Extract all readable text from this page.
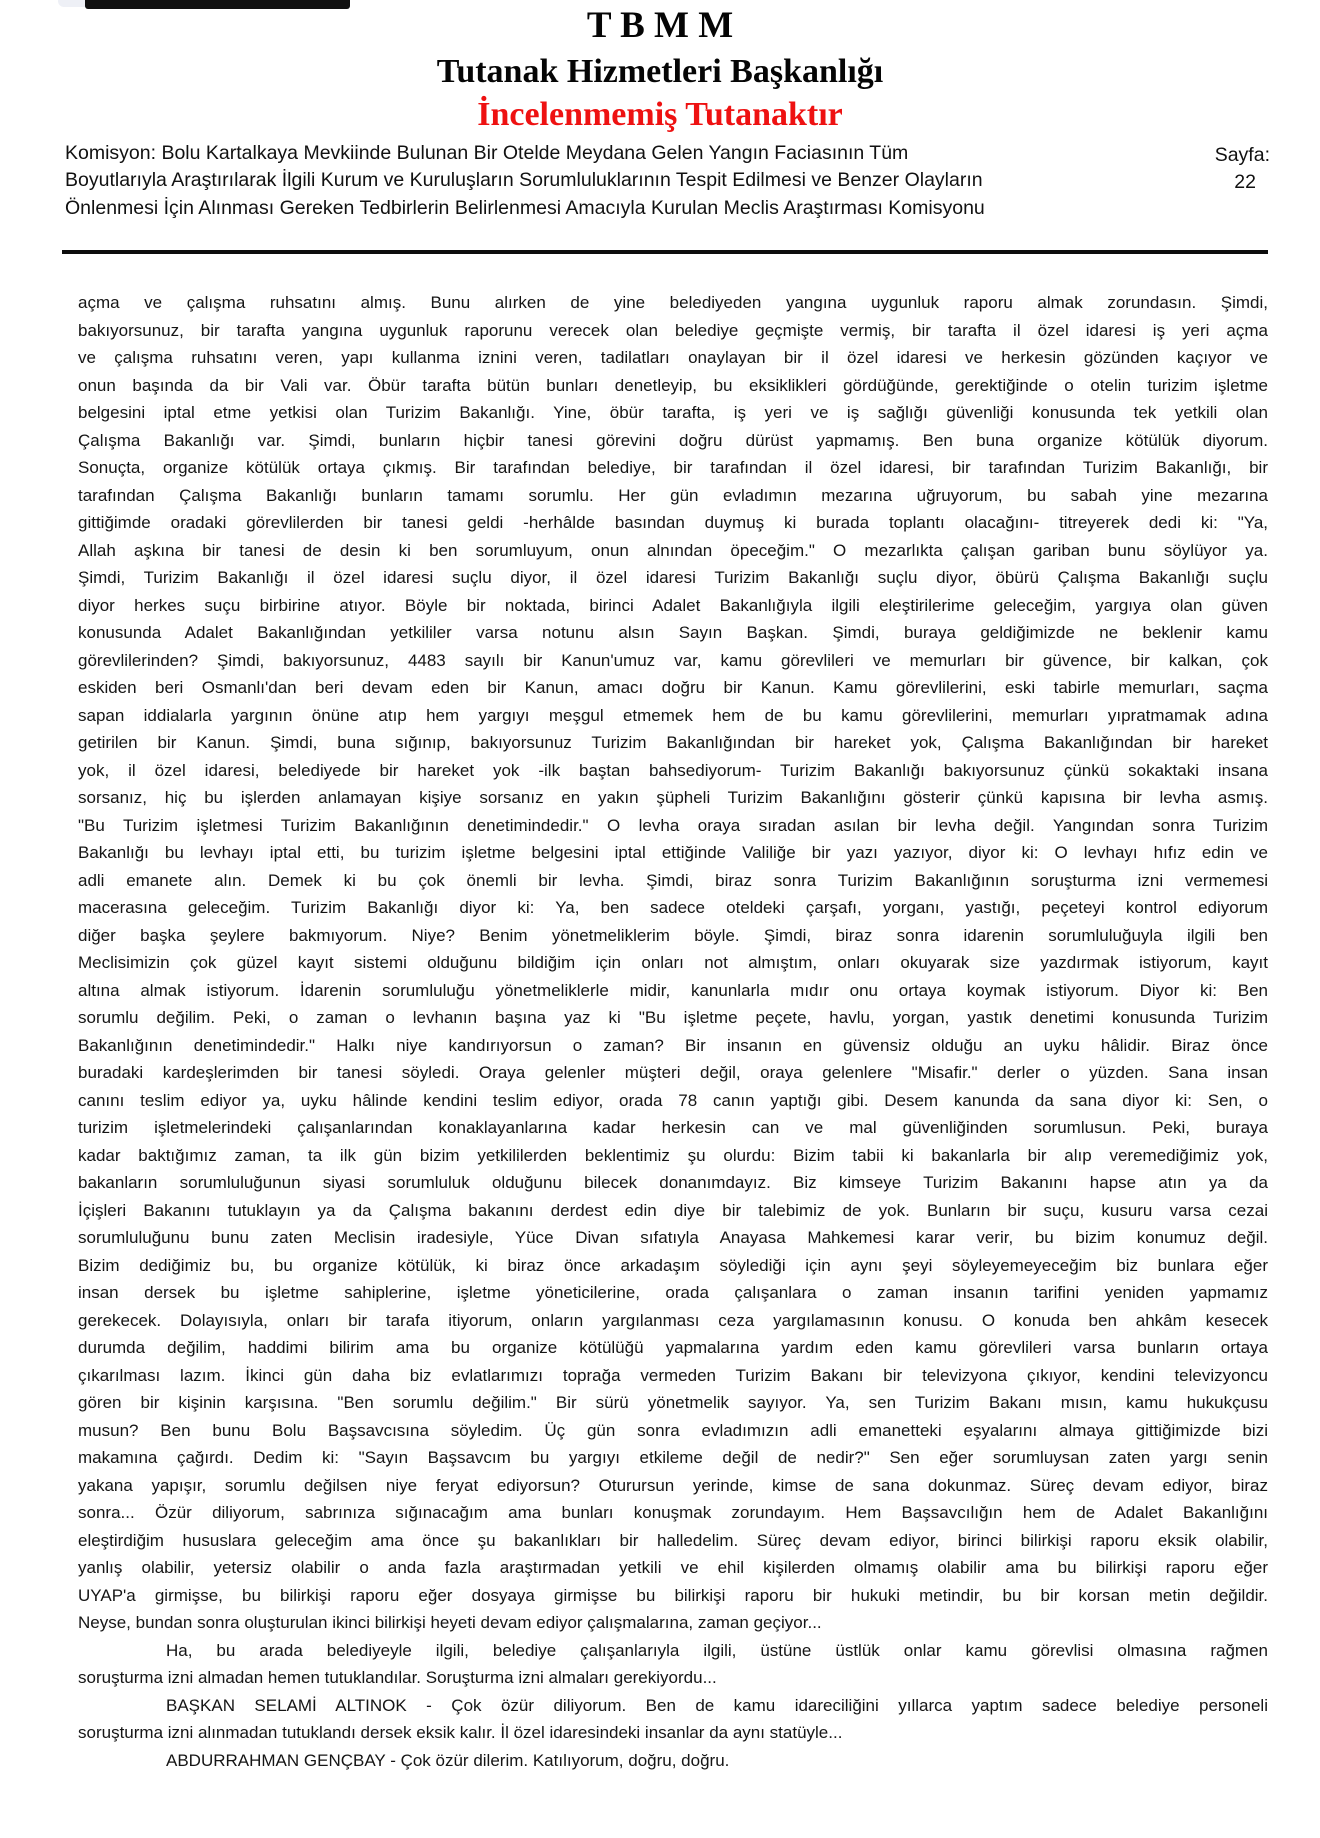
T B M M
Tutanak Hizmetleri Başkanlığı
İncelenmemiş Tutanaktır
Komisyon: Bolu Kartalkaya Mevkiinde Bulunan Bir Otelde Meydana Gelen Yangın Faciasının Tüm
Boyutlarıyla Araştırılarak İlgili Kurum ve Kuruluşların Sorumluluklarının Tespit Edilmesi ve Benzer Olayların
Önlenmesi İçin Alınması Gereken Tedbirlerin Belirlenmesi Amacıyla Kurulan Meclis Araştırması Komisyonu
Sayfa:
22
açma ve çalışma ruhsatını almış. Bunu alırken de yine belediyeden yangına uygunluk raporu almak zorundasın. Şimdi,
bakıyorsunuz, bir tarafta yangına uygunluk raporunu verecek olan belediye geçmişte vermiş, bir tarafta il özel idaresi iş yeri açma
ve çalışma ruhsatını veren, yapı kullanma iznini veren, tadilatları onaylayan bir il özel idaresi ve herkesin gözünden kaçıyor ve
onun başında da bir Vali var. Öbür tarafta bütün bunları denetleyip, bu eksiklikleri gördüğünde, gerektiğinde o otelin turizim işletme
belgesini iptal etme yetkisi olan Turizim Bakanlığı. Yine, öbür tarafta, iş yeri ve iş sağlığı güvenliği konusunda tek yetkili olan
Çalışma Bakanlığı var. Şimdi, bunların hiçbir tanesi görevini doğru dürüst yapmamış. Ben buna organize kötülük diyorum.
Sonuçta, organize kötülük ortaya çıkmış. Bir tarafından belediye, bir tarafından il özel idaresi, bir tarafından Turizim Bakanlığı, bir
tarafından Çalışma Bakanlığı bunların tamamı sorumlu. Her gün evladımın mezarına uğruyorum, bu sabah yine mezarına
gittiğimde oradaki görevlilerden bir tanesi geldi -herhâlde basından duymuş ki burada toplantı olacağını- titreyerek dedi ki: "Ya,
Allah aşkına bir tanesi de desin ki ben sorumluyum, onun alnından öpeceğim." O mezarlıkta çalışan gariban bunu söylüyor ya.
Şimdi, Turizim Bakanlığı il özel idaresi suçlu diyor, il özel idaresi Turizim Bakanlığı suçlu diyor, öbürü Çalışma Bakanlığı suçlu
diyor herkes suçu birbirine atıyor. Böyle bir noktada, birinci Adalet Bakanlığıyla ilgili eleştirilerime geleceğim, yargıya olan güven
konusunda Adalet Bakanlığından yetkililer varsa notunu alsın Sayın Başkan. Şimdi, buraya geldiğimizde ne beklenir kamu
görevlilerinden? Şimdi, bakıyorsunuz, 4483 sayılı bir Kanun'umuz var, kamu görevlileri ve memurları bir güvence, bir kalkan, çok
eskiden beri Osmanlı'dan beri devam eden bir Kanun, amacı doğru bir Kanun. Kamu görevlilerini, eski tabirle memurları, saçma
sapan iddialarla yargının önüne atıp hem yargıyı meşgul etmemek hem de bu kamu görevlilerini, memurları yıpratmamak adına
getirilen bir Kanun. Şimdi, buna sığınıp, bakıyorsunuz Turizim Bakanlığından bir hareket yok, Çalışma Bakanlığından bir hareket
yok, il özel idaresi, belediyede bir hareket yok -ilk baştan bahsediyorum- Turizim Bakanlığı bakıyorsunuz çünkü sokaktaki insana
sorsanız, hiç bu işlerden anlamayan kişiye sorsanız en yakın şüpheli Turizim Bakanlığını gösterir çünkü kapısına bir levha asmış.
"Bu Turizim işletmesi Turizim Bakanlığının denetimindedir." O levha oraya sıradan asılan bir levha değil. Yangından sonra Turizim
Bakanlığı bu levhayı iptal etti, bu turizim işletme belgesini iptal ettiğinde Valiliğe bir yazı yazıyor, diyor ki: O levhayı hıfız edin ve
adli emanete alın. Demek ki bu çok önemli bir levha. Şimdi, biraz sonra Turizim Bakanlığının soruşturma izni vermemesi
macerasına geleceğim. Turizim Bakanlığı diyor ki: Ya, ben sadece oteldeki çarşafı, yorganı, yastığı, peçeteyi kontrol ediyorum
diğer başka şeylere bakmıyorum. Niye? Benim yönetmeliklerim böyle. Şimdi, biraz sonra idarenin sorumluluğuyla ilgili ben
Meclisimizin çok güzel kayıt sistemi olduğunu bildiğim için onları not almıştım, onları okuyarak size yazdırmak istiyorum, kayıt
altına almak istiyorum. İdarenin sorumluluğu yönetmeliklerle midir, kanunlarla mıdır onu ortaya koymak istiyorum. Diyor ki: Ben
sorumlu değilim. Peki, o zaman o levhanın başına yaz ki "Bu işletme peçete, havlu, yorgan, yastık denetimi konusunda Turizim
Bakanlığının denetimindedir." Halkı niye kandırıyorsun o zaman? Bir insanın en güvensiz olduğu an uyku hâlidir. Biraz önce
buradaki kardeşlerimden bir tanesi söyledi. Oraya gelenler müşteri değil, oraya gelenlere "Misafir." derler o yüzden. Sana insan
canını teslim ediyor ya, uyku hâlinde kendini teslim ediyor, orada 78 canın yaptığı gibi. Desem kanunda da sana diyor ki: Sen, o
turizim işletmelerindeki çalışanlarından konaklayanlarına kadar herkesin can ve mal güvenliğinden sorumlusun. Peki, buraya
kadar baktığımız zaman, ta ilk gün bizim yetkililerden beklentimiz şu olurdu: Bizim tabii ki bakanlarla bir alıp veremediğimiz yok,
bakanların sorumluluğunun siyasi sorumluluk olduğunu bilecek donanımdayız. Biz kimseye Turizim Bakanını hapse atın ya da
İçişleri Bakanını tutuklayın ya da Çalışma bakanını derdest edin diye bir talebimiz de yok. Bunların bir suçu, kusuru varsa cezai
sorumluluğunu bunu zaten Meclisin iradesiyle, Yüce Divan sıfatıyla Anayasa Mahkemesi karar verir, bu bizim konumuz değil.
Bizim dediğimiz bu, bu organize kötülük, ki biraz önce arkadaşım söylediği için aynı şeyi söyleyemeyeceğim biz bunlara eğer
insan dersek bu işletme sahiplerine, işletme yöneticilerine, orada çalışanlara o zaman insanın tarifini yeniden yapmamız
gerekecek. Dolayısıyla, onları bir tarafa itiyorum, onların yargılanması ceza yargılamasının konusu. O konuda ben ahkâm kesecek
durumda değilim, haddimi bilirim ama bu organize kötülüğü yapmalarına yardım eden kamu görevlileri varsa bunların ortaya
çıkarılması lazım. İkinci gün daha biz evlatlarımızı toprağa vermeden Turizim Bakanı bir televizyona çıkıyor, kendini televizyoncu
gören bir kişinin karşısına. "Ben sorumlu değilim." Bir sürü yönetmelik sayıyor. Ya, sen Turizim Bakanı mısın, kamu hukukçusu
musun? Ben bunu Bolu Başsavcısına söyledim. Üç gün sonra evladımızın adli emanetteki eşyalarını almaya gittiğimizde bizi
makamına çağırdı. Dedim ki: "Sayın Başsavcım bu yargıyı etkileme değil de nedir?" Sen eğer sorumluysan zaten yargı senin
yakana yapışır, sorumlu değilsen niye feryat ediyorsun? Oturursun yerinde, kimse de sana dokunmaz. Süreç devam ediyor, biraz
sonra... Özür diliyorum, sabrınıza sığınacağım ama bunları konuşmak zorundayım. Hem Başsavcılığın hem de Adalet Bakanlığını
eleştirdiğim hususlara geleceğim ama önce şu bakanlıkları bir halledelim. Süreç devam ediyor, birinci bilirkişi raporu eksik olabilir,
yanlış olabilir, yetersiz olabilir o anda fazla araştırmadan yetkili ve ehil kişilerden olmamış olabilir ama bu bilirkişi raporu eğer
UYAP'a girmişse, bu bilirkişi raporu eğer dosyaya girmişse bu bilirkişi raporu bir hukuki metindir, bu bir korsan metin değildir.
Neyse, bundan sonra oluşturulan ikinci bilirkişi heyeti devam ediyor çalışmalarına, zaman geçiyor...
Ha, bu arada belediyeyle ilgili, belediye çalışanlarıyla ilgili, üstüne üstlük onlar kamu görevlisi olmasına rağmen
soruşturma izni almadan hemen tutuklandılar. Soruşturma izni almaları gerekiyordu...
BAŞKAN SELAMİ ALTINOK - Çok özür diliyorum. Ben de kamu idareciliğini yıllarca yaptım sadece belediye personeli
soruşturma izni alınmadan tutuklandı dersek eksik kalır. İl özel idaresindeki insanlar da aynı statüyle...
ABDURRAHMAN GENÇBAY - Çok özür dilerim. Katılıyorum, doğru, doğru.
